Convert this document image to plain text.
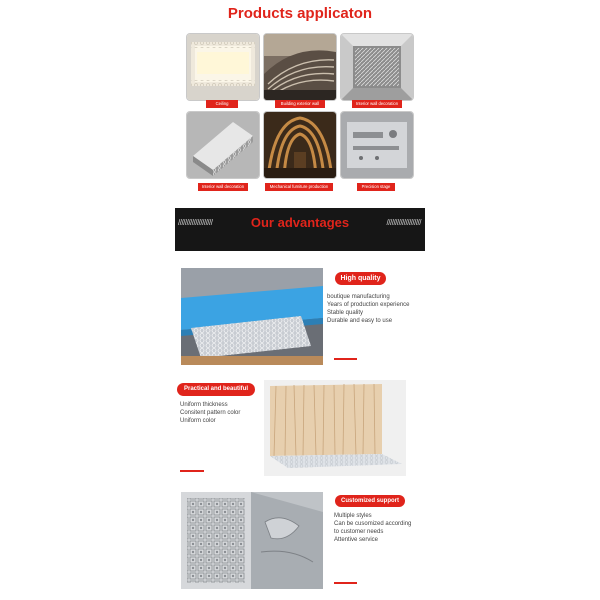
Products applicaton
Ceiling	Building exterior wall	Interior wall decoration
Interior wall decoration	Mechanical furniture production	Precision stage
////////////////////	Our advantages	////////////////////
High quality
boutique manufacturing
Years of production experience
Stable quality
Durable and easy to use
Practical and beautiful
Uniform thickness
Consitent pattern color
Uniform color
Customized support
Multiple styles
Can be cusomized according
to customer needs
Attentive service
